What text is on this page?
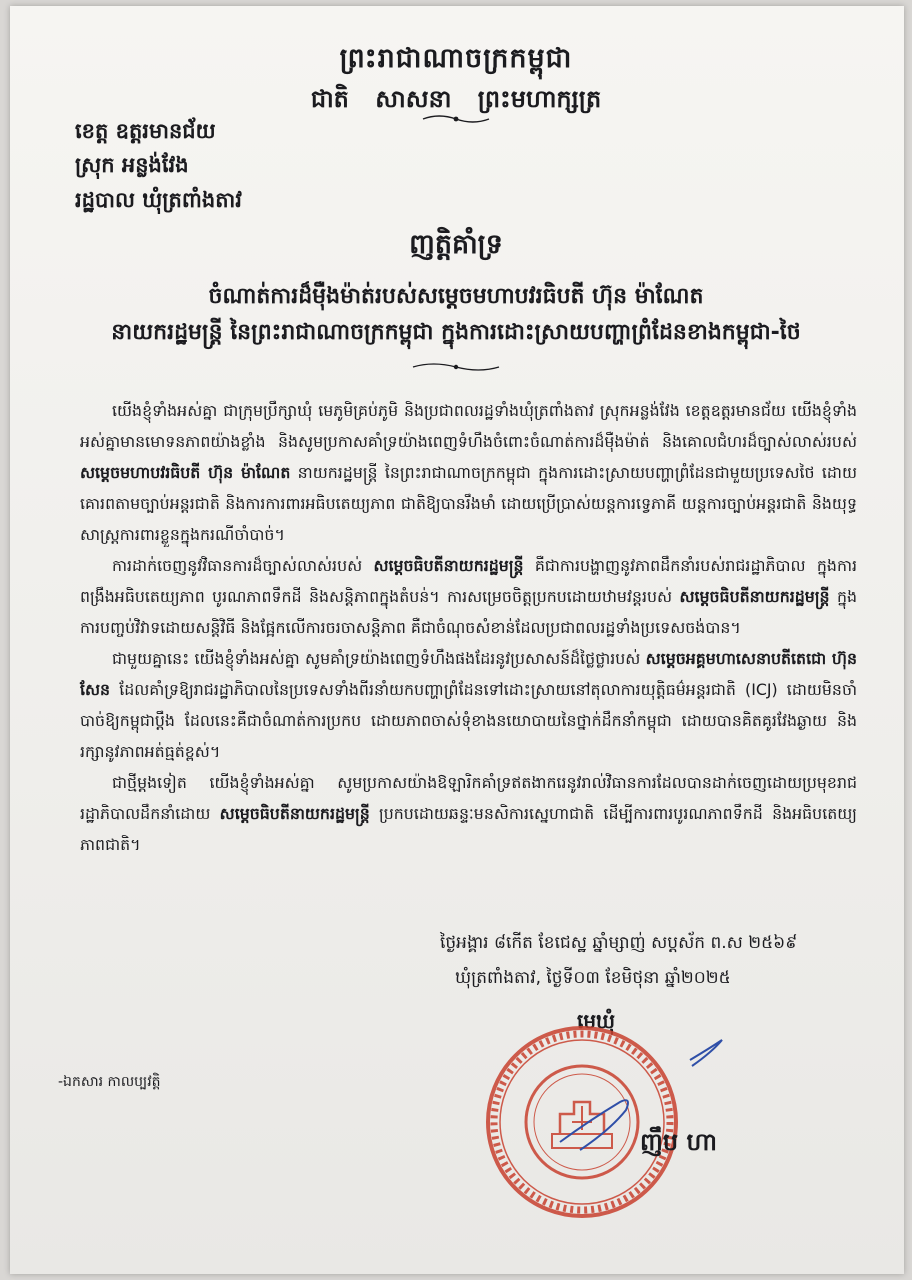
ព្រះរាជាណាចក្រកម្ពុជា
ជាតិ សាសនា ព្រះមហាក្សត្រ
ខេត្ត ឧត្តរមានជ័យ
ស្រុក អន្លង់វែង
រដ្ឋបាល ឃុំត្រពាំងតាវ
ញត្តិគាំទ្រ
ចំណាត់ការដ៏មុឺងម៉ាត់របស់សម្ដេចមហាបវរធិបតី ហ៊ុន ម៉ាណែត
នាយករដ្ឋមន្ត្រី នៃព្រះរាជាណាចក្រកម្ពុជា ក្នុងការដោះស្រាយបញ្ហាព្រំដែនខាងកម្ពុជា-ថៃ

យើងខ្ញុំទាំងអស់គ្នា ជាក្រុមប្រឹក្សាឃុំ មេភូមិគ្រប់ភូមិ និងប្រជាពលរដ្ឋទាំងឃុំត្រពាំងតាវ ស្រុកអន្លង់វែង ខេត្តឧត្តរមានជ័យ យើងខ្ញុំទាំងអស់គ្នាមានមោទនភាពយ៉ាងខ្លាំង និងសូមប្រកាសគាំទ្រយ៉ាងពេញទំហឹងចំពោះចំណាត់ការដ៏មុឺងម៉ាត់ និងគោលជំហរដ៏ច្បាស់លាស់របស់ សម្តេចមហាបវរធិបតី ហ៊ុន ម៉ាណែត នាយករដ្ឋមន្ត្រី នៃព្រះរាជាណាចក្រកម្ពុជា ក្នុងការដោះស្រាយបញ្ហាព្រំដែនជាមួយប្រទេសថៃ ដោយគោរពតាមច្បាប់អន្តរជាតិ និងការការពារអធិបតេយ្យភាព ជាតិឱ្យបានរឹងមាំ ដោយប្រើប្រាស់យន្តការទ្វេភាគី យន្តការច្បាប់អន្តរជាតិ និងយុទ្ធសាស្ត្រការពារខ្លួនក្នុងករណីចាំបាច់។

ការដាក់ចេញនូវវិធានការដ៏ច្បាស់លាស់របស់ សម្តេចធិបតីនាយករដ្ឋមន្ត្រី គឺជាការបង្ហាញនូវភាពដឹកនាំរបស់រាជរដ្ឋាភិបាល ក្នុងការពង្រឹងអធិបតេយ្យភាព បូរណភាពទឹកដី និងសន្តិភាពក្នុងតំបន់។ ការសម្រេចចិត្តប្រកបដោយឋាមវន្តរបស់ សម្តេចធិបតីនាយករដ្ឋមន្ត្រី ក្នុងការបញ្ចប់វិវាទដោយសន្តិវិធី និងផ្អែកលើការចរចាសន្តិភាព គឺជាចំណុចសំខាន់ដែលប្រជាពលរដ្ឋទាំងប្រទេសចង់បាន។

ជាមួយគ្នានេះ យើងខ្ញុំទាំងអស់គ្នា សូមគាំទ្រយ៉ាងពេញទំហឹងផងដែរនូវប្រសាសន៍ដ៏ថ្លៃថ្លារបស់ សម្តេចអគ្គមហាសេនាបតីតេជោ ហ៊ុន សែន ដែលគាំទ្រឱ្យរាជរដ្ឋាភិបាលនៃប្រទេសទាំងពីរនាំយកបញ្ហាព្រំដែនទៅដោះស្រាយនៅតុលាការយុត្តិធម៌អន្តរជាតិ (ICJ) ដោយមិនចាំបាច់ឱ្យកម្ពុជាប្តឹង ដែលនេះគឺជាចំណាត់ការប្រកប ដោយភាពចាស់ទុំខាងនយោបាយនៃថ្នាក់ដឹកនាំកម្ពុជា ដោយបានគិតគូរវែងឆ្ងាយ និងរក្សានូវភាពអត់ធ្មត់ខ្ពស់។

ជាថ្មីម្តងទៀត យើងខ្ញុំទាំងអស់គ្នា សូមប្រកាសយ៉ាងឱឡារិកគាំទ្រឥតងាករេនូវរាល់វិធានការដែលបានដាក់ចេញដោយប្រមុខរាជរដ្ឋាភិបាលដឹកនាំដោយ សម្តេចធិបតីនាយករដ្ឋមន្ត្រី ប្រកបដោយឆន្ទៈមនសិការស្នេហាជាតិ ដើម្បីការពារបូរណភាពទឹកដី និងអធិបតេយ្យភាពជាតិ។

ថ្ងៃអង្គារ ៨កើត ខែជេស្ឋ ឆ្នាំម្សាញ់ សប្តស័ក ព.ស ២៥៦៩
ឃុំត្រពាំងតាវ, ថ្ងៃទី០៣ ខែមិថុនា ឆ្នាំ២០២៥
មេឃុំ
-ឯកសារ កាលប្បវត្តិ
ញឹប ហា
